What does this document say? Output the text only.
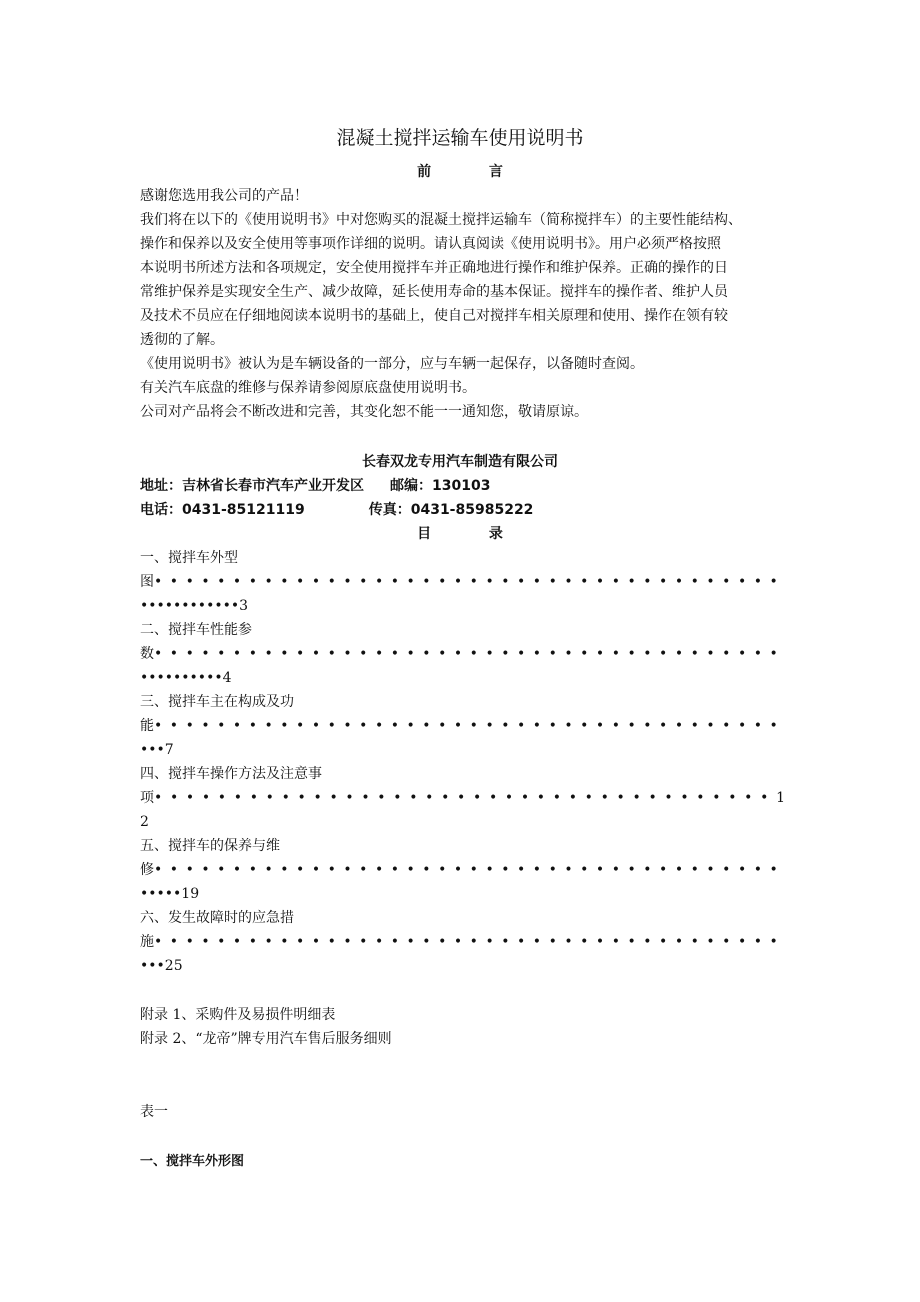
混凝土搅拌运输车使用说明书
前	言
感谢您选用我公司的产品！
我们将在以下的《使用说明书》中对您购买的混凝土搅拌运输车（简称搅拌车）的主要性能结构、
操作和保养以及安全使用等事项作详细的说明。请认真阅读《使用说明书》。用户必须严格按照
本说明书所述方法和各项规定，安全使用搅拌车并正确地进行操作和维护保养。正确的操作的日
常维护保养是实现安全生产、减少故障，延长使用寿命的基本保证。搅拌车的操作者、维护人员
及技术不员应在仔细地阅读本说明书的基础上，使自己对搅拌车相关原理和使用、操作在领有较
透彻的了解。
《使用说明书》被认为是车辆设备的一部分，应与车辆一起保存，以备随时查阅。
有关汽车底盘的维修与保养请参阅原底盘使用说明书。
公司对产品将会不断改进和完善，其变化恕不能一一通知您，敬请原谅。
长春双龙专用汽车制造有限公司
地址：吉林省长春市汽车产业开发区 邮编：130103
电话：0431-85121119	传真：0431-85985222
目	录
一、搅拌车外型
图••••••••••••••••••••••••••••••••••••••••
••••••••••••3
二、搅拌车性能参
数••••••••••••••••••••••••••••••••••••••••
••••••••••4
三、搅拌车主在构成及功
能••••••••••••••••••••••••••••••••••••••••
•••7
四、搅拌车操作方法及注意事
项•••••••••••••••••••••••••••••••••••••••1
2
五、搅拌车的保养与维
修••••••••••••••••••••••••••••••••••••••••
•••••19
六、发生故障时的应急措
施••••••••••••••••••••••••••••••••••••••••
•••25
附录 1、采购件及易损件明细表
附录 2、“龙帝”牌专用汽车售后服务细则
表一
一、搅拌车外形图
